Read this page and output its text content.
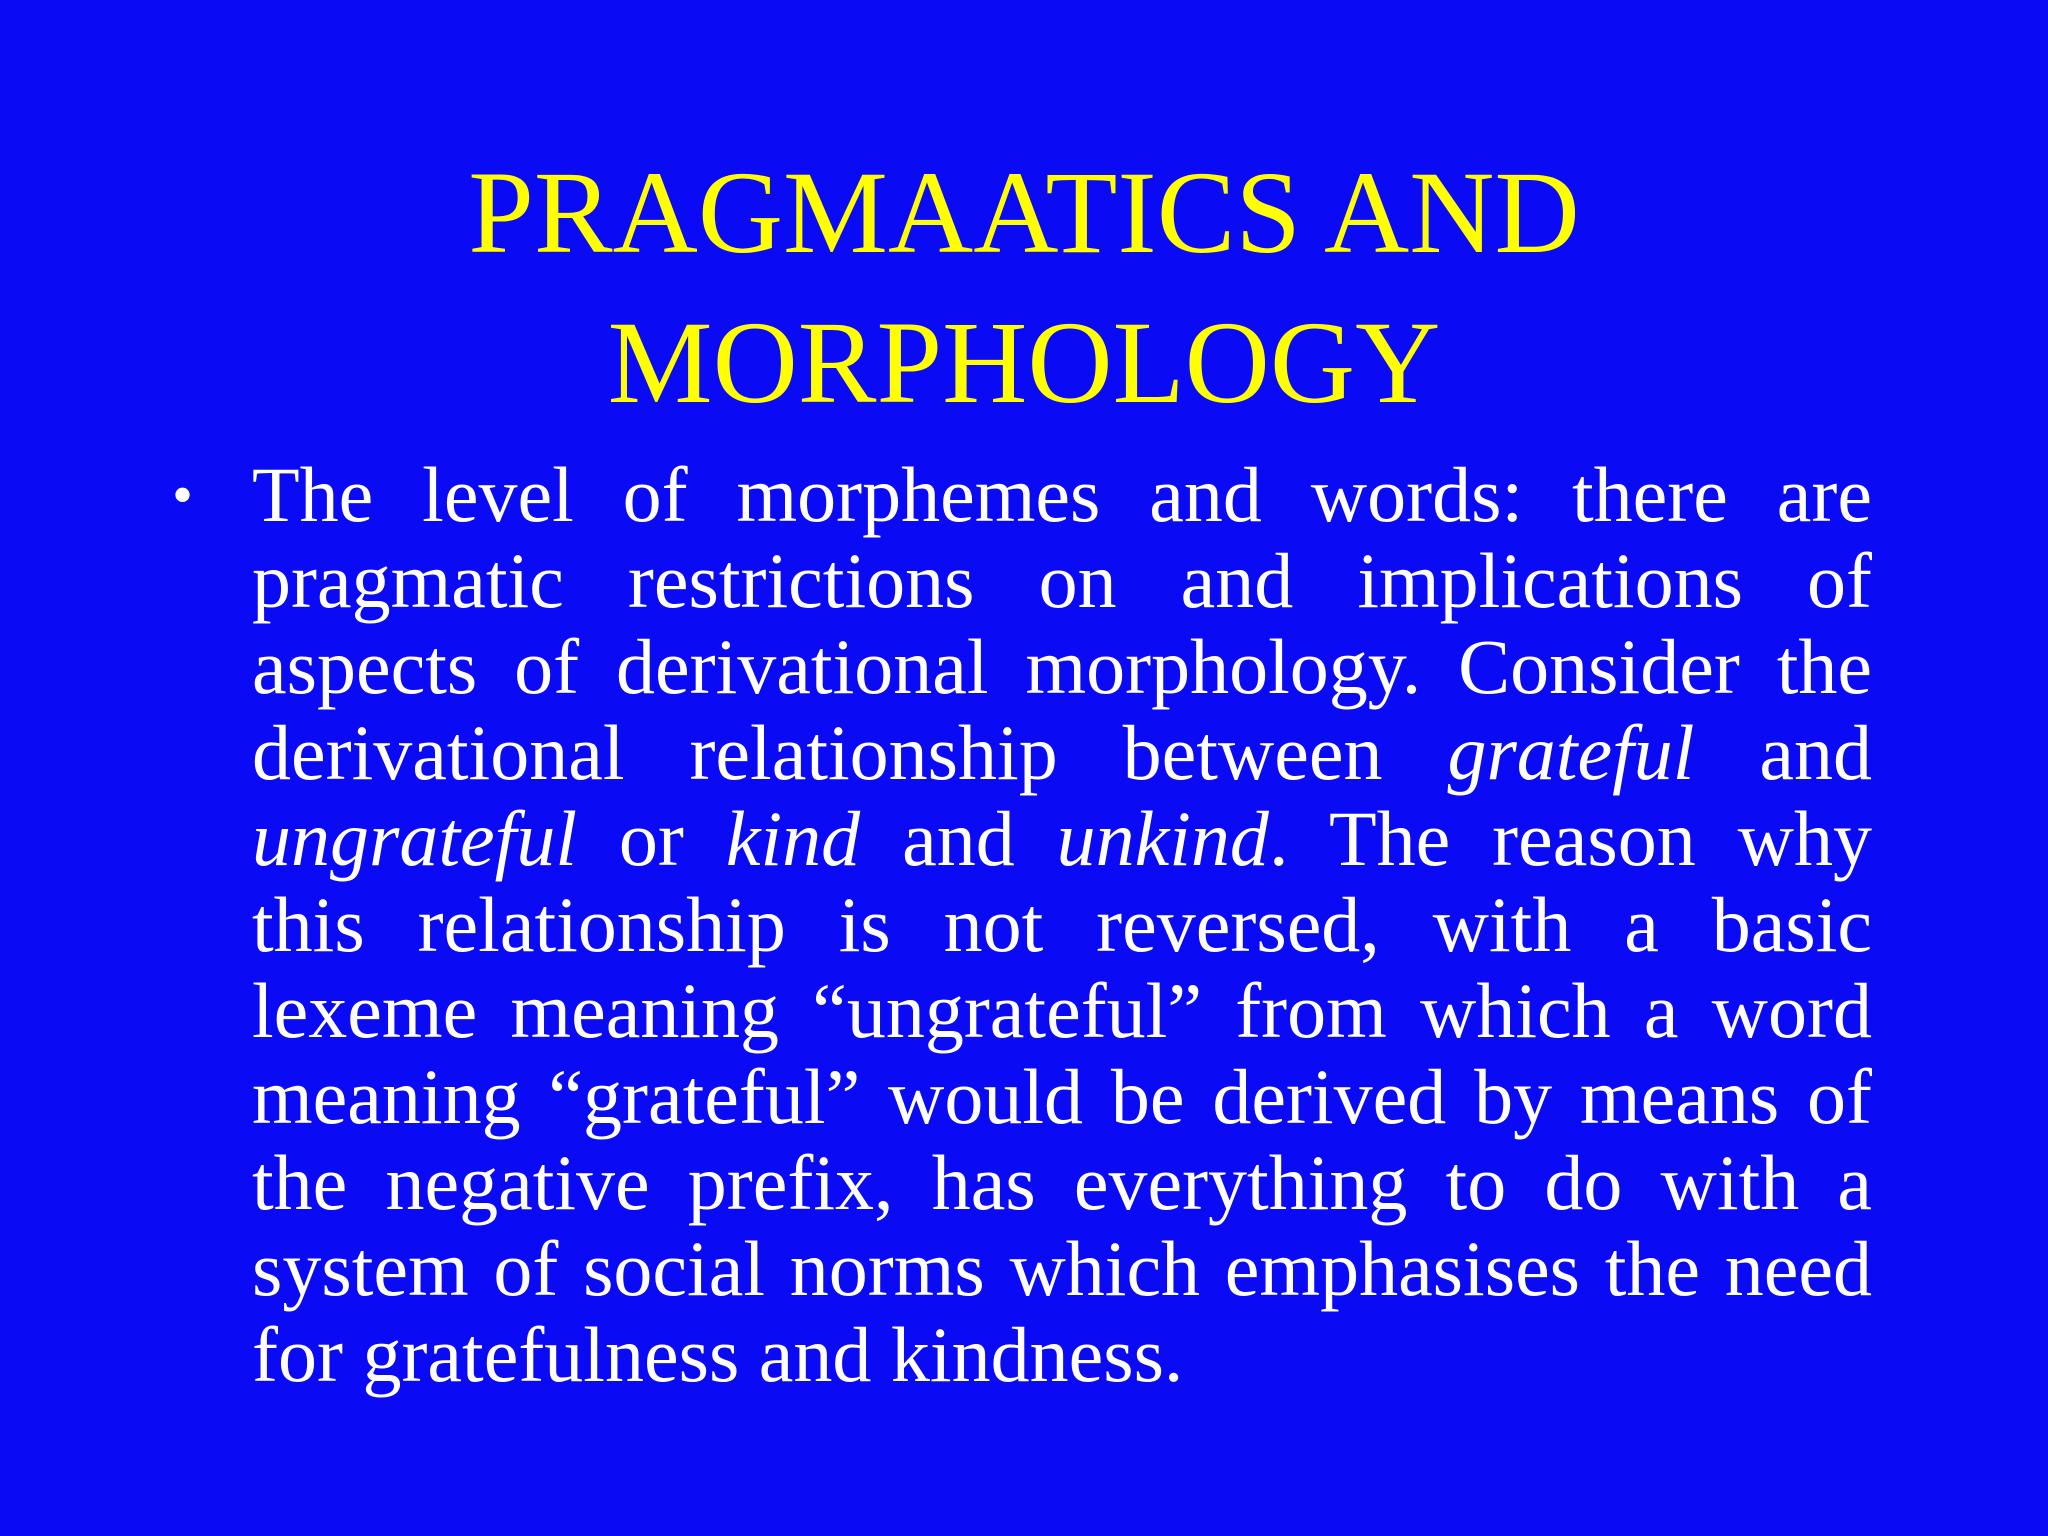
PRAGMAATICS AND
MORPHOLOGY
• The level of morphemes and words: there are
pragmatic restrictions on and implications of
aspects of derivational morphology. Consider the
derivational relationship between grateful and
ungrateful or kind and unkind. The reason why
this relationship is not reversed, with a basic
lexeme meaning “ungrateful” from which a word
meaning “grateful” would be derived by means of
the negative prefix, has everything to do with a
system of social norms which emphasises the need
for gratefulness and kindness.
